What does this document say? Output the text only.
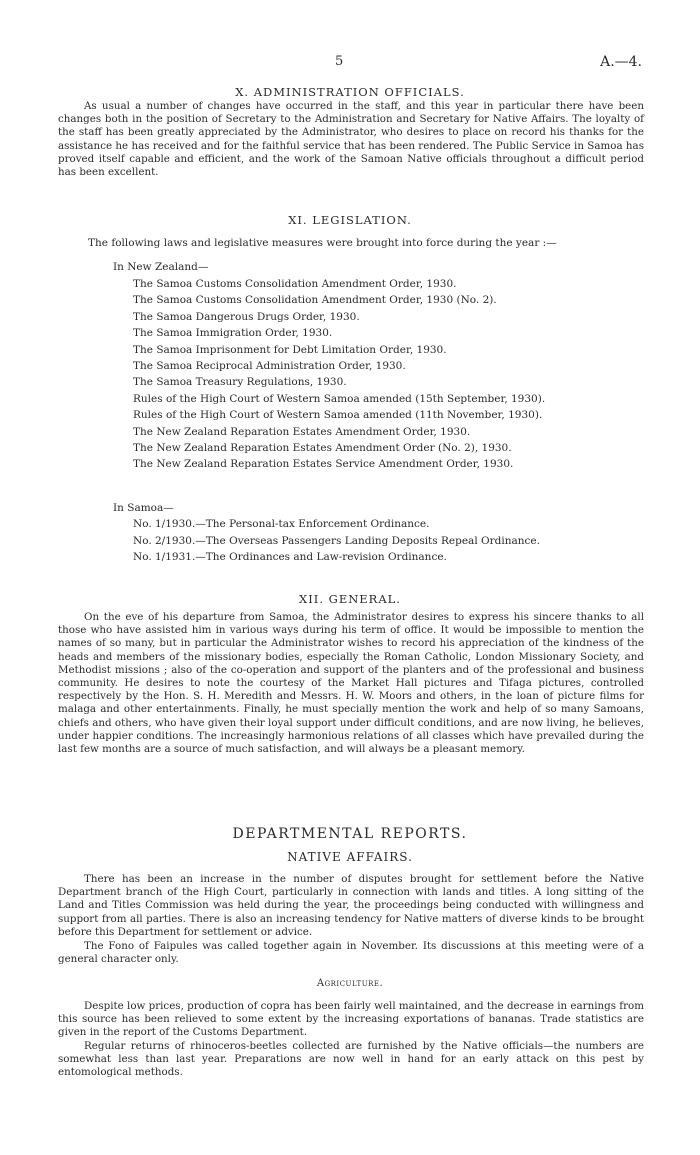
5	A.—4.
X. ADMINISTRATION OFFICIALS.

As usual a number of changes have occurred in the staff, and this year in particular there have been changes both in the position of Secretary to the Administration and Secretary for Native Affairs. The loyalty of the staff has been greatly appreciated by the Administrator, who desires to place on record his thanks for the assistance he has received and for the faithful service that has been rendered. The Public Service in Samoa has proved itself capable and efficient, and the work of the Samoan Native officials throughout a difficult period has been excellent.

XI. LEGISLATION.
The following laws and legislative measures were brought into force during the year :—
In New Zealand—
The Samoa Customs Consolidation Amendment Order, 1930.
The Samoa Customs Consolidation Amendment Order, 1930 (No. 2).
The Samoa Dangerous Drugs Order, 1930.
The Samoa Immigration Order, 1930.
The Samoa Imprisonment for Debt Limitation Order, 1930.
The Samoa Reciprocal Administration Order, 1930.
The Samoa Treasury Regulations, 1930.
Rules of the High Court of Western Samoa amended (15th September, 1930).
Rules of the High Court of Western Samoa amended (11th November, 1930).
The New Zealand Reparation Estates Amendment Order, 1930.
The New Zealand Reparation Estates Amendment Order (No. 2), 1930.
The New Zealand Reparation Estates Service Amendment Order, 1930.
In Samoa—
No. 1/1930.—The Personal-tax Enforcement Ordinance.
No. 2/1930.—The Overseas Passengers Landing Deposits Repeal Ordinance.
No. 1/1931.—The Ordinances and Law-revision Ordinance.
XII. GENERAL.

On the eve of his departure from Samoa, the Administrator desires to express his sincere thanks to all those who have assisted him in various ways during his term of office. It would be impossible to mention the names of so many, but in particular the Administrator wishes to record his appreciation of the kindness of the heads and members of the missionary bodies, especially the Roman Catholic, London Missionary Society, and Methodist missions ; also of the co-operation and support of the planters and of the professional and business community. He desires to note the courtesy of the Market Hall pictures and Tifaga pictures, controlled respectively by the Hon. S. H. Meredith and Messrs. H. W. Moors and others, in the loan of picture films for malaga and other entertainments. Finally, he must specially mention the work and help of so many Samoans, chiefs and others, who have given their loyal support under difficult conditions, and are now living, he believes, under happier conditions. The increasingly harmonious relations of all classes which have prevailed during the last few months are a source of much satisfaction, and will always be a pleasant memory.

DEPARTMENTAL REPORTS.
NATIVE AFFAIRS.

There has been an increase in the number of disputes brought for settlement before the Native Department branch of the High Court, particularly in connection with lands and titles. A long sitting of the Land and Titles Commission was held during the year, the proceedings being conducted with willingness and support from all parties. There is also an increasing tendency for Native matters of diverse kinds to be brought before this Department for settlement or advice.

The Fono of Faipules was called together again in November. Its discussions at this meeting were of a general character only.

Agriculture.

Despite low prices, production of copra has been fairly well maintained, and the decrease in earnings from this source has been relieved to some extent by the increasing exportations of bananas. Trade statistics are given in the report of the Customs Department.

Regular returns of rhinoceros-beetles collected are furnished by the Native officials—the numbers are somewhat less than last year. Preparations are now well in hand for an early attack on this pest by entomological methods.
